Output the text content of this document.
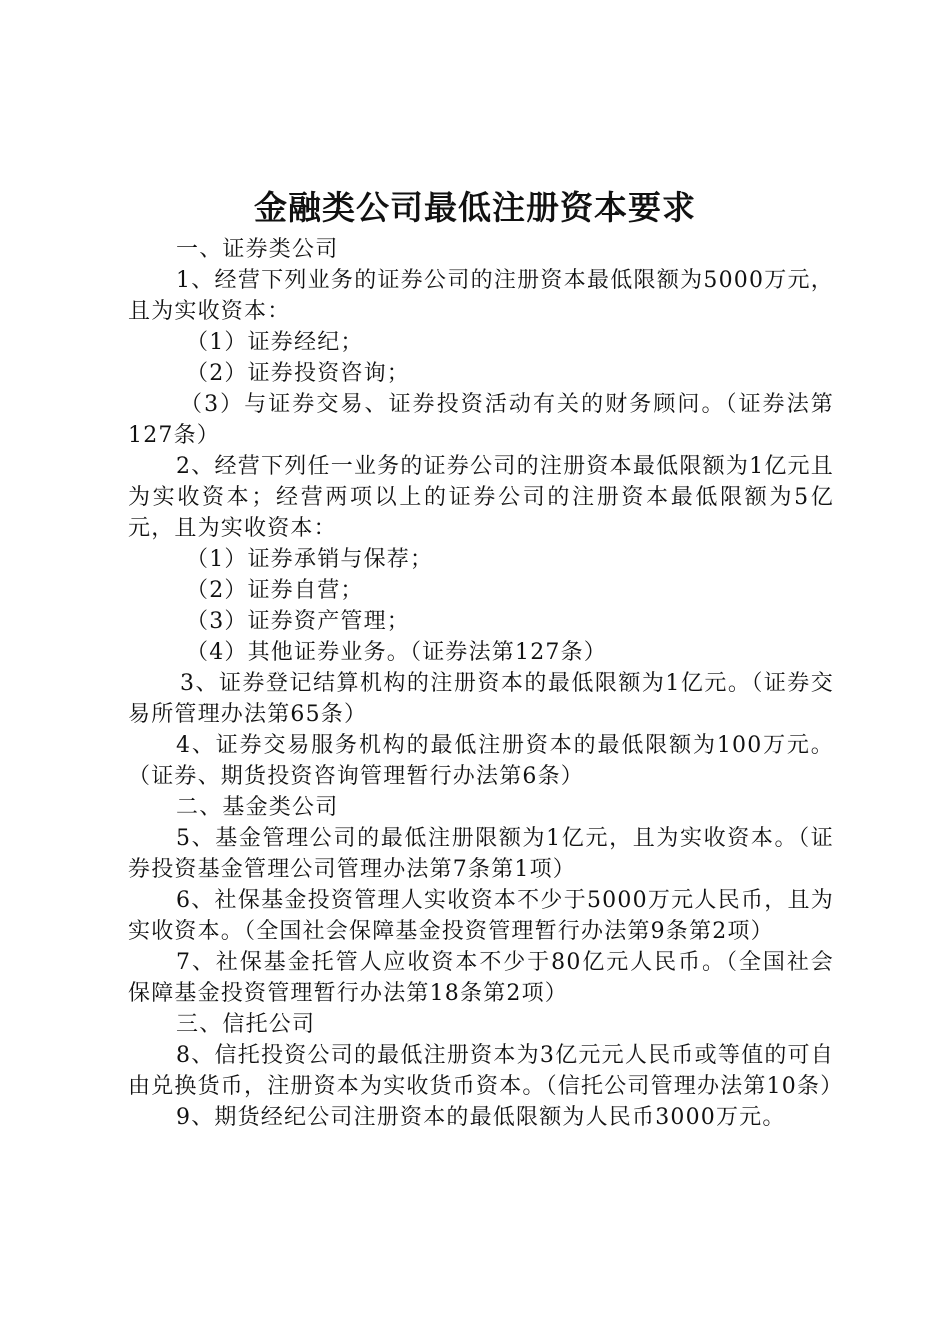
金融类公司最低注册资本要求

一、证券类公司

1、经营下列业务的证券公司的注册资本最低限额为5000万元，且为实收资本：

（1）证券经纪；

（2）证券投资咨询；

（3）与证券交易、证券投资活动有关的财务顾问。（证券法第127条）

2、经营下列任一业务的证券公司的注册资本最低限额为1亿元且为实收资本；经营两项以上的证券公司的注册资本最低限额为5亿元，且为实收资本：

（1）证券承销与保荐；

（2）证券自营；

（3）证券资产管理；

（4）其他证券业务。（证券法第127条）

3、证券登记结算机构的注册资本的最低限额为1亿元。（证券交易所管理办法第65条）

4、证券交易服务机构的最低注册资本的最低限额为100万元。（证券、期货投资咨询管理暂行办法第6条）

二、基金类公司

5、基金管理公司的最低注册限额为1亿元，且为实收资本。（证券投资基金管理公司管理办法第7条第1项）

6、社保基金投资管理人实收资本不少于5000万元人民币，且为实收资本。（全国社会保障基金投资管理暂行办法第9条第2项）

7、社保基金托管人应收资本不少于80亿元人民币。（全国社会保障基金投资管理暂行办法第18条第2项）

三、信托公司

8、信托投资公司的最低注册资本为3亿元元人民币或等值的可自由兑换货币，注册资本为实收货币资本。（信托公司管理办法第10条）

9、期货经纪公司注册资本的最低限额为人民币3000万元。
